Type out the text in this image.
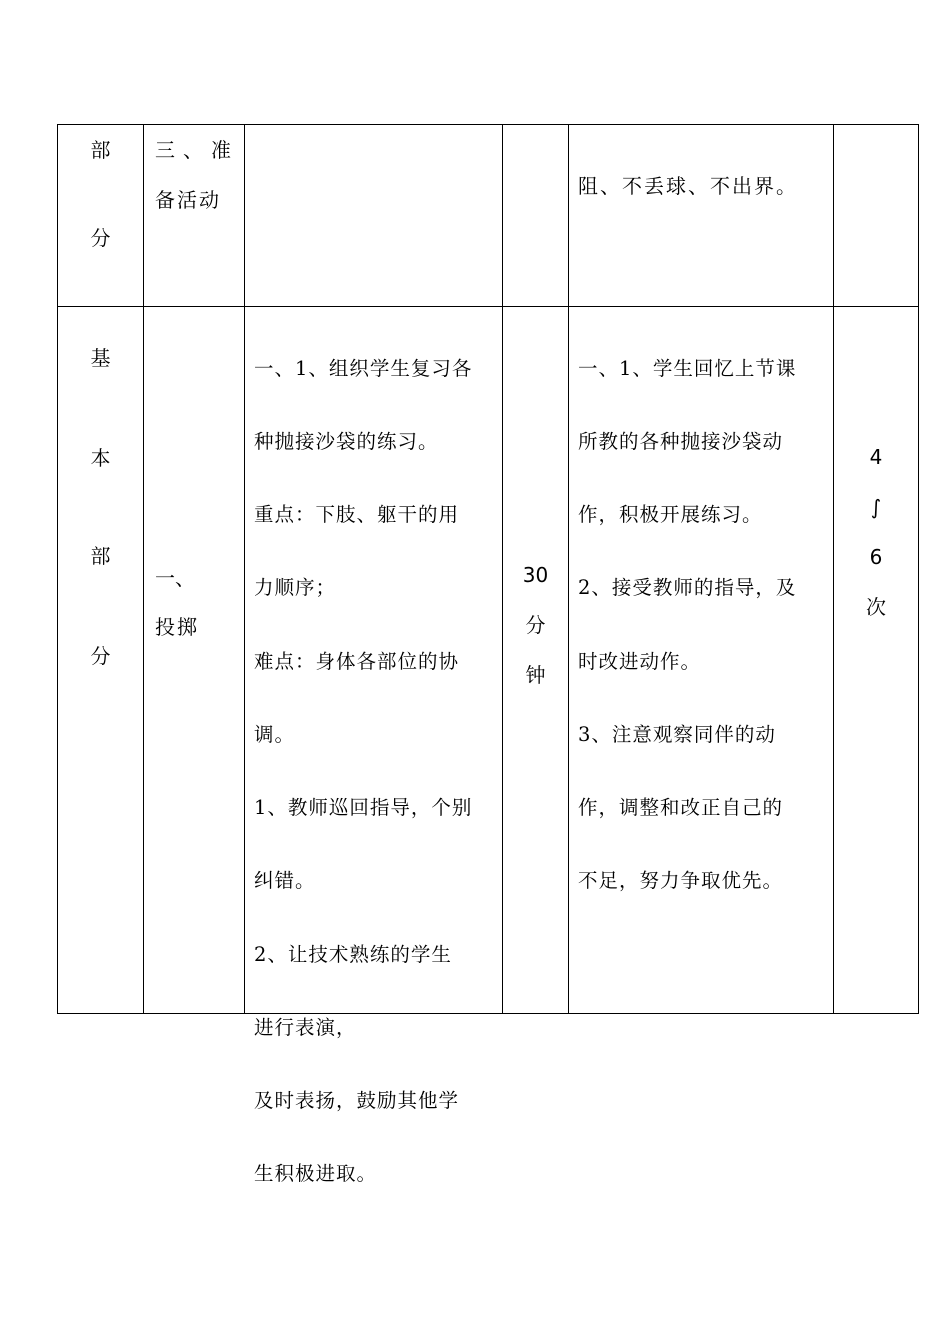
部
分
三、准
备活动

阻、不丢球、不出界。

基
本
部
分
一、
投掷

一、1、组织学生复习各

种抛接沙袋的练习。

重点：下肢、躯干的用

力顺序；

难点：身体各部位的协

调。

1、教师巡回指导，个别

纠错。

2、让技术熟练的学生

进行表演，

及时表扬，鼓励其他学

生积极进取。

30
分
钟

一、1、学生回忆上节课

所教的各种抛接沙袋动

作，积极开展练习。

2、接受教师的指导，及

时改进动作。

3、注意观察同伴的动

作，调整和改正自己的

不足，努力争取优先。

4
∫
6
次
